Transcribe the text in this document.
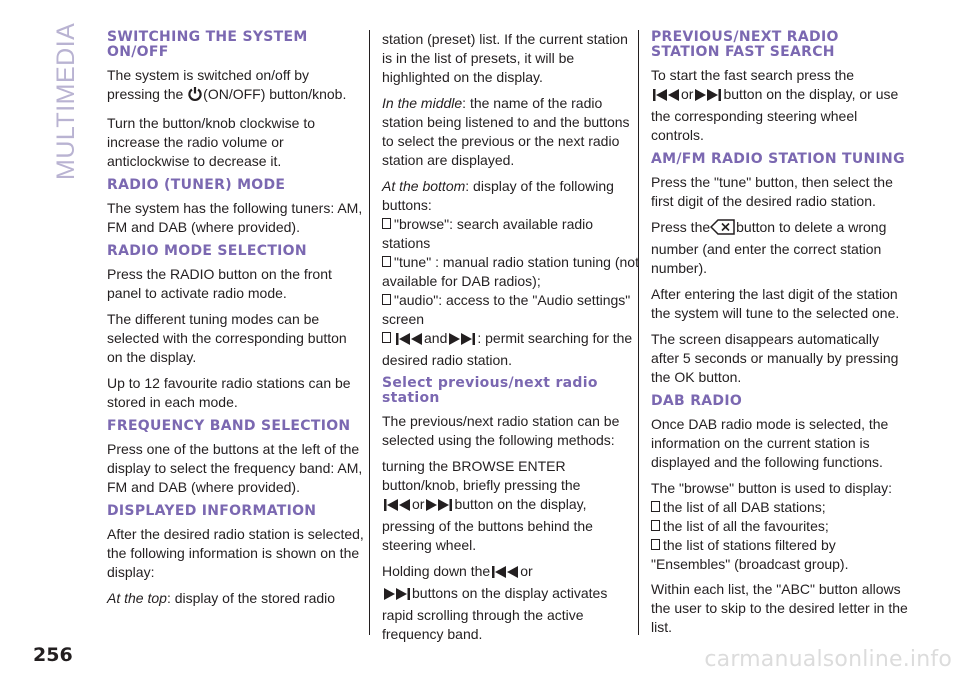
MULTIMEDIA SWITCHING THE SYSTEM ON/OFF

The system is switched on/off by pressing the (ON/OFF) button/knob.

Turn the button/knob clockwise to increase the radio volume or anticlockwise to decrease it.

RADIO (TUNER) MODE

The system has the following tuners: AM, FM and DAB (where provided).

RADIO MODE SELECTION

Press the RADIO button on the front panel to activate radio mode.

The different tuning modes can be selected with the corresponding button on the display.

Up to 12 favourite radio stations can be stored in each mode.

FREQUENCY BAND SELECTION

Press one of the buttons at the left of the display to select the frequency band: AM, FM and DAB (where provided).

DISPLAYED INFORMATION

After the desired radio station is selected, the following information is shown on the display:

At the top: display of the stored radio

station (preset) list. If the current station is in the list of presets, it will be highlighted on the display.

In the middle: the name of the radio station being listened to and the buttons to select the previous or the next radio station are displayed.

At the bottom: display of the following buttons:

"browse": search available radio stations
"tune" : manual radio station tuning (not available for DAB radios);
"audio": access to the "Audio settings" screen
and : permit searching for the desired radio station.
Select previous/next radio station

The previous/next radio station can be selected using the following methods:

turning the BROWSE ENTER button/knob, briefly pressing the
or button on the display, pressing of the buttons behind the steering wheel.

Holding down the or
buttons on the display activates rapid scrolling through the active frequency band.

PREVIOUS/NEXT RADIO STATION FAST SEARCH

To start the fast search press the
or button on the display, or use the corresponding steering wheel controls.

AM/FM RADIO STATION TUNING

Press the "tune" button, then select the first digit of the desired radio station.

Press the button to delete a wrong number (and enter the correct station number).

After entering the last digit of the station the system will tune to the selected one.

The screen disappears automatically after 5 seconds or manually by pressing the OK button.

DAB RADIO

Once DAB radio mode is selected, the information on the current station is displayed and the following functions.

The "browse" button is used to display:

the list of all DAB stations;
the list of all the favourites;
the list of stations filtered by "Ensembles" (broadcast group).

Within each list, the "ABC" button allows the user to skip to the desired letter in the list.

256	carmanualsonline.info
